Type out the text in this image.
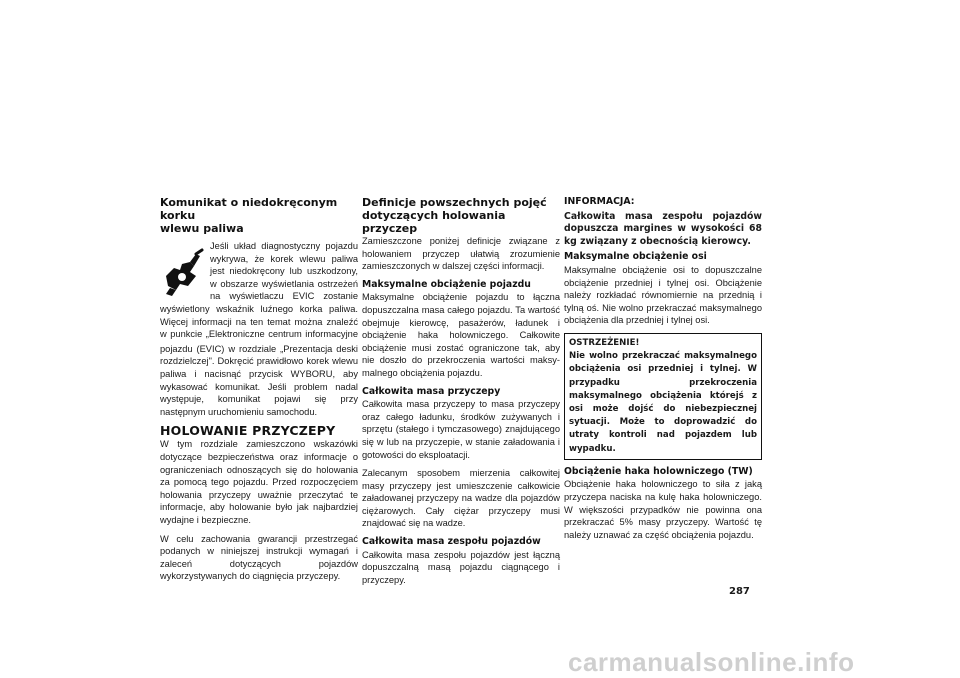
Komunikat o niedokręconym korku
wlewu paliwa
Jeśli układ diagnostyczny pojazdu wykrywa, że korek wlewu paliwa jest niedokręcony lub uszkodzony, w obszarze wyświetlania ostrzeżeń na wyświetlaczu EVIC zostanie wyświetlony wskaźnik luźnego korka paliwa. Więcej informacji na ten temat można znaleźć w punkcie „Elektroniczne centrum informacyjne pojazdu (EVIC) w rozdziale „Prezentacja deski rozdzielczej". Dokręcić prawidłowo korek wlewu paliwa i nacisnąć przycisk WYBORU, aby wykasować komunikat. Jeśli problem nadal występuje, komunikat pojawi się przy następnym uruchomieniu samochodu.
HOLOWANIE PRZYCZEPY
W tym rozdziale zamieszczono wskazówki dotyczące bezpieczeństwa oraz informacje o ograniczeniach odnoszących się do holowania za pomocą tego pojazdu. Przed rozpoczęciem holowania przyczepy uważnie przeczytać te informacje, aby holowanie było jak najbardziej wydajne i bezpieczne.
W celu zachowania gwarancji przestrzegać podanych w niniejszej instrukcji wymagań i zaleceń dotyczących pojazdów wykorzystywanych do ciągnięcia przyczepy.
Definicje powszechnych pojęć
dotyczących holowania przyczep
Zamieszczone poniżej definicje związane z holowaniem przyczep ułatwią zrozumienie zamieszczonych w dalszej części informacji.
Maksymalne obciążenie pojazdu
Maksymalne obciążenie pojazdu to łączna dopuszczalna masa całego pojazdu. Ta wartość obejmuje kierowcę, pasażerów, ładunek i obciążenie haka holowniczego. Całkowite obciążenie musi zostać ograniczone tak, aby nie doszło do przekroczenia wartości maksymalnego obciążenia pojazdu.
Całkowita masa przyczepy
Całkowita masa przyczepy to masa przyczepy oraz całego ładunku, środków zużywanych i sprzętu (stałego i tymczasowego) znajdującego się w lub na przyczepie, w stanie załadowania i gotowości do eksploatacji.
Zalecanym sposobem mierzenia całkowitej masy przyczepy jest umieszczenie całkowicie załadowanej przyczepy na wadze dla pojazdów ciężarowych. Cały ciężar przyczepy musi znajdować się na wadze.
Całkowita masa zespołu pojazdów
Całkowita masa zespołu pojazdów jest łączną dopuszczalną masą pojazdu ciągnącego i przyczepy.
INFORMACJA:
Całkowita masa zespołu pojazdów dopuszcza margines w wysokości 68 kg związany z obecnością kierowcy.
Maksymalne obciążenie osi
Maksymalne obciążenie osi to dopuszczalne obciążenie przedniej i tylnej osi. Obciążenie należy rozkładać równomiernie na przednią i tylną oś. Nie wolno przekraczać maksymalnego obciążenia dla przedniej i tylnej osi.
OSTRZEŻENIE!
Nie wolno przekraczać maksymalnego obciążenia osi przedniej i tylnej. W przypadku przekroczenia maksymalnego obciążenia którejś z osi może dojść do niebezpiecznej sytuacji. Może to doprowadzić do utraty kontroli nad pojazdem lub wypadku.
Obciążenie haka holowniczego (TW)
Obciążenie haka holowniczego to siła z jaką przyczepa naciska na kulę haka holowniczego. W większości przypadków nie powinna ona przekraczać 5% masy przyczepy. Wartość tę należy uznawać za część obciążenia pojazdu.
287
carmanualsonline.info
